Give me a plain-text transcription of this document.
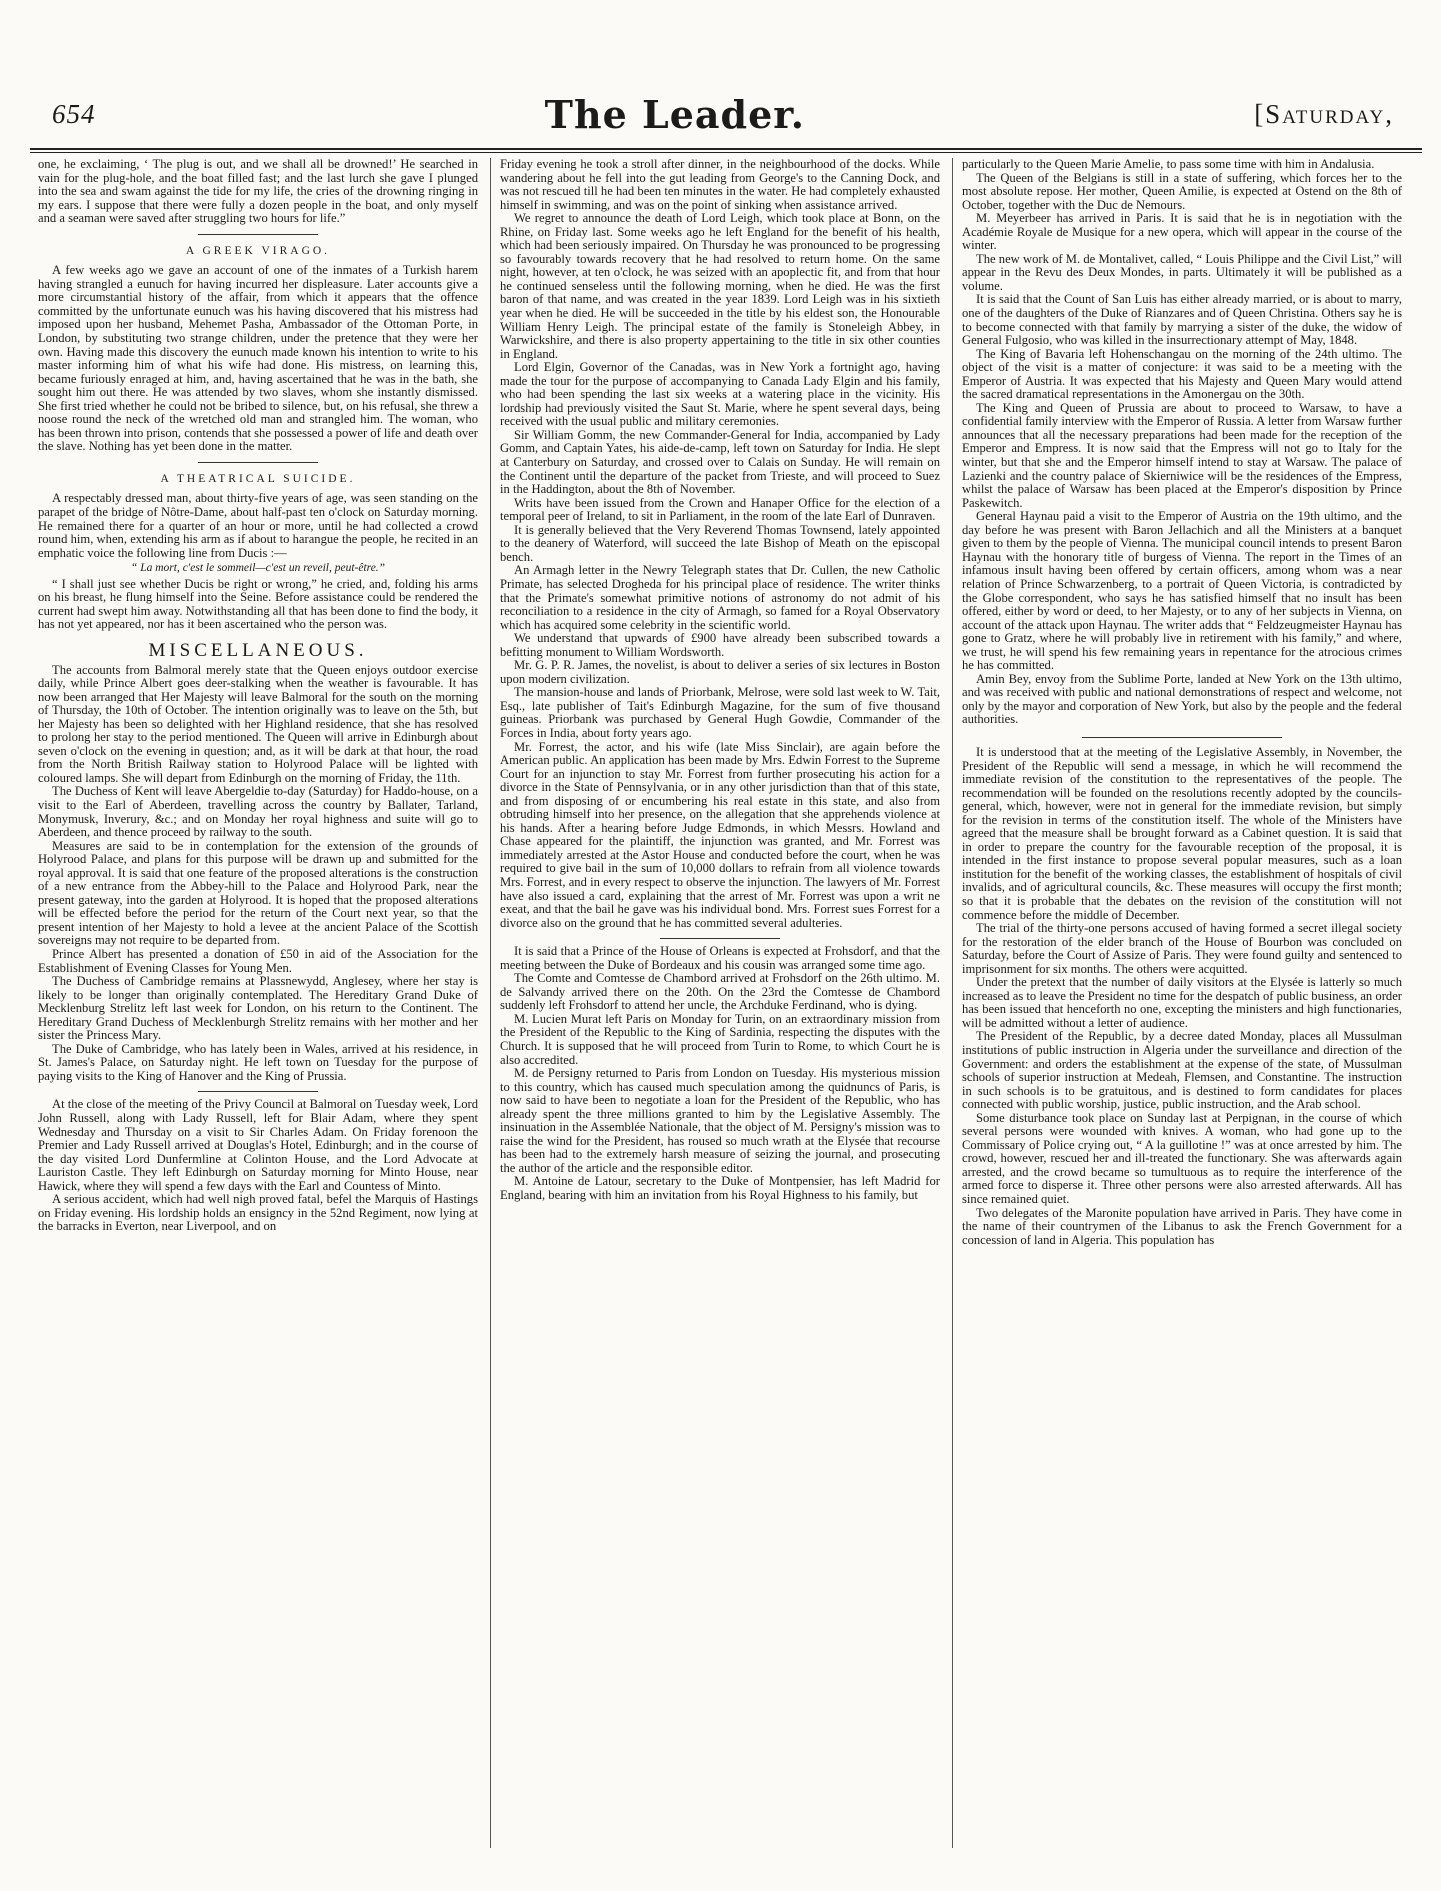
654	The Leader.	[Saturday,

one, he exclaiming, ‘ The plug is out, and we shall all be drowned!’ He searched in vain for the plug-hole, and the boat filled fast; and the last lurch she gave I plunged into the sea and swam against the tide for my life, the cries of the drowning ringing in my ears. I suppose that there were fully a dozen people in the boat, and only myself and a seaman were saved after struggling two hours for life.”

A GREEK VIRAGO.

A few weeks ago we gave an account of one of the inmates of a Turkish harem having strangled a eunuch for having incurred her displeasure. Later accounts give a more circumstantial history of the affair, from which it appears that the offence committed by the unfortunate eunuch was his having discovered that his mistress had imposed upon her husband, Mehemet Pasha, Ambassador of the Ottoman Porte, in London, by substituting two strange children, under the pretence that they were her own. Having made this discovery the eunuch made known his intention to write to his master informing him of what his wife had done. His mistress, on learning this, became furiously enraged at him, and, having ascertained that he was in the bath, she sought him out there. He was attended by two slaves, whom she instantly dismissed. She first tried whether he could not be bribed to silence, but, on his refusal, she threw a noose round the neck of the wretched old man and strangled him. The woman, who has been thrown into prison, contends that she possessed a power of life and death over the slave. Nothing has yet been done in the matter.

A THEATRICAL SUICIDE.

A respectably dressed man, about thirty-five years of age, was seen standing on the parapet of the bridge of Nôtre-Dame, about half-past ten o'clock on Saturday morning. He remained there for a quarter of an hour or more, until he had collected a crowd round him, when, extending his arm as if about to harangue the people, he recited in an emphatic voice the following line from Ducis :—

“ La mort, c'est le sommeil—c'est un reveil, peut-être.”

“ I shall just see whether Ducis be right or wrong,” he cried, and, folding his arms on his breast, he flung himself into the Seine. Before assistance could be rendered the current had swept him away. Notwithstanding all that has been done to find the body, it has not yet appeared, nor has it been ascertained who the person was.

MISCELLANEOUS.

The accounts from Balmoral merely state that the Queen enjoys outdoor exercise daily, while Prince Albert goes deer-stalking when the weather is favourable. It has now been arranged that Her Majesty will leave Balmoral for the south on the morning of Thursday, the 10th of October. The intention originally was to leave on the 5th, but her Majesty has been so delighted with her Highland residence, that she has resolved to prolong her stay to the period mentioned. The Queen will arrive in Edinburgh about seven o'clock on the evening in question; and, as it will be dark at that hour, the road from the North British Railway station to Holyrood Palace will be lighted with coloured lamps. She will depart from Edinburgh on the morning of Friday, the 11th.

The Duchess of Kent will leave Abergeldie to-day (Saturday) for Haddo-house, on a visit to the Earl of Aberdeen, travelling across the country by Ballater, Tarland, Monymusk, Inverury, &c.; and on Monday her royal highness and suite will go to Aberdeen, and thence proceed by railway to the south.

Measures are said to be in contemplation for the extension of the grounds of Holyrood Palace, and plans for this purpose will be drawn up and submitted for the royal approval. It is said that one feature of the proposed alterations is the construction of a new entrance from the Abbey-hill to the Palace and Holyrood Park, near the present gateway, into the garden at Holyrood. It is hoped that the proposed alterations will be effected before the period for the return of the Court next year, so that the present intention of her Majesty to hold a levee at the ancient Palace of the Scottish sovereigns may not require to be departed from.

Prince Albert has presented a donation of £50 in aid of the Association for the Establishment of Evening Classes for Young Men.

The Duchess of Cambridge remains at Plassnewydd, Anglesey, where her stay is likely to be longer than originally contemplated. The Hereditary Grand Duke of Mecklenburg Strelitz left last week for London, on his return to the Continent. The Hereditary Grand Duchess of Mecklenburgh Strelitz remains with her mother and her sister the Princess Mary.

The Duke of Cambridge, who has lately been in Wales, arrived at his residence, in St. James's Palace, on Saturday night. He left town on Tuesday for the purpose of paying visits to the King of Hanover and the King of Prussia.

At the close of the meeting of the Privy Council at Balmoral on Tuesday week, Lord John Russell, along with Lady Russell, left for Blair Adam, where they spent Wednesday and Thursday on a visit to Sir Charles Adam. On Friday forenoon the Premier and Lady Russell arrived at Douglas's Hotel, Edinburgh; and in the course of the day visited Lord Dunfermline at Colinton House, and the Lord Advocate at Lauriston Castle. They left Edinburgh on Saturday morning for Minto House, near Hawick, where they will spend a few days with the Earl and Countess of Minto.

A serious accident, which had well nigh proved fatal, befel the Marquis of Hastings on Friday evening. His lordship holds an ensigncy in the 52nd Regiment, now lying at the barracks in Everton, near Liverpool, and on

Friday evening he took a stroll after dinner, in the neighbourhood of the docks. While wandering about he fell into the gut leading from George's to the Canning Dock, and was not rescued till he had been ten minutes in the water. He had completely exhausted himself in swimming, and was on the point of sinking when assistance arrived.

We regret to announce the death of Lord Leigh, which took place at Bonn, on the Rhine, on Friday last. Some weeks ago he left England for the benefit of his health, which had been seriously impaired. On Thursday he was pronounced to be progressing so favourably towards recovery that he had resolved to return home. On the same night, however, at ten o'clock, he was seized with an apoplectic fit, and from that hour he continued senseless until the following morning, when he died. He was the first baron of that name, and was created in the year 1839. Lord Leigh was in his sixtieth year when he died. He will be succeeded in the title by his eldest son, the Honourable William Henry Leigh. The principal estate of the family is Stoneleigh Abbey, in Warwickshire, and there is also property appertaining to the title in six other counties in England.

Lord Elgin, Governor of the Canadas, was in New York a fortnight ago, having made the tour for the purpose of accompanying to Canada Lady Elgin and his family, who had been spending the last six weeks at a watering place in the vicinity. His lordship had previously visited the Saut St. Marie, where he spent several days, being received with the usual public and military ceremonies.

Sir William Gomm, the new Commander-General for India, accompanied by Lady Gomm, and Captain Yates, his aide-de-camp, left town on Saturday for India. He slept at Canterbury on Saturday, and crossed over to Calais on Sunday. He will remain on the Continent until the departure of the packet from Trieste, and will proceed to Suez in the Haddington, about the 8th of November.

Writs have been issued from the Crown and Hanaper Office for the election of a temporal peer of Ireland, to sit in Parliament, in the room of the late Earl of Dunraven.

It is generally believed that the Very Reverend Thomas Townsend, lately appointed to the deanery of Waterford, will succeed the late Bishop of Meath on the episcopal bench.

An Armagh letter in the Newry Telegraph states that Dr. Cullen, the new Catholic Primate, has selected Drogheda for his principal place of residence. The writer thinks that the Primate's somewhat primitive notions of astronomy do not admit of his reconciliation to a residence in the city of Armagh, so famed for a Royal Observatory which has acquired some celebrity in the scientific world.

We understand that upwards of £900 have already been subscribed towards a befitting monument to William Wordsworth.

Mr. G. P. R. James, the novelist, is about to deliver a series of six lectures in Boston upon modern civilization.

The mansion-house and lands of Priorbank, Melrose, were sold last week to W. Tait, Esq., late publisher of Tait's Edinburgh Magazine, for the sum of five thousand guineas. Priorbank was purchased by General Hugh Gowdie, Commander of the Forces in India, about forty years ago.

Mr. Forrest, the actor, and his wife (late Miss Sinclair), are again before the American public. An application has been made by Mrs. Edwin Forrest to the Supreme Court for an injunction to stay Mr. Forrest from further prosecuting his action for a divorce in the State of Pennsylvania, or in any other jurisdiction than that of this state, and from disposing of or encumbering his real estate in this state, and also from obtruding himself into her presence, on the allegation that she apprehends violence at his hands. After a hearing before Judge Edmonds, in which Messrs. Howland and Chase appeared for the plaintiff, the injunction was granted, and Mr. Forrest was immediately arrested at the Astor House and conducted before the court, when he was required to give bail in the sum of 10,000 dollars to refrain from all violence towards Mrs. Forrest, and in every respect to observe the injunction. The lawyers of Mr. Forrest have also issued a card, explaining that the arrest of Mr. Forrest was upon a writ ne exeat, and that the bail he gave was his individual bond. Mrs. Forrest sues Forrest for a divorce also on the ground that he has committed several adulteries.

It is said that a Prince of the House of Orleans is expected at Frohsdorf, and that the meeting between the Duke of Bordeaux and his cousin was arranged some time ago.

The Comte and Comtesse de Chambord arrived at Frohsdorf on the 26th ultimo. M. de Salvandy arrived there on the 20th. On the 23rd the Comtesse de Chambord suddenly left Frohsdorf to attend her uncle, the Archduke Ferdinand, who is dying.

M. Lucien Murat left Paris on Monday for Turin, on an extraordinary mission from the President of the Republic to the King of Sardinia, respecting the disputes with the Church. It is supposed that he will proceed from Turin to Rome, to which Court he is also accredited.

M. de Persigny returned to Paris from London on Tuesday. His mysterious mission to this country, which has caused much speculation among the quidnuncs of Paris, is now said to have been to negotiate a loan for the President of the Republic, who has already spent the three millions granted to him by the Legislative Assembly. The insinuation in the Assemblée Nationale, that the object of M. Persigny's mission was to raise the wind for the President, has roused so much wrath at the Elysée that recourse has been had to the extremely harsh measure of seizing the journal, and prosecuting the author of the article and the responsible editor.

M. Antoine de Latour, secretary to the Duke of Montpensier, has left Madrid for England, bearing with him an invitation from his Royal Highness to his family, but

particularly to the Queen Marie Amelie, to pass some time with him in Andalusia.

The Queen of the Belgians is still in a state of suffering, which forces her to the most absolute repose. Her mother, Queen Amilie, is expected at Ostend on the 8th of October, together with the Duc de Nemours.

M. Meyerbeer has arrived in Paris. It is said that he is in negotiation with the Académie Royale de Musique for a new opera, which will appear in the course of the winter.

The new work of M. de Montalivet, called, “ Louis Philippe and the Civil List,” will appear in the Revu des Deux Mondes, in parts. Ultimately it will be published as a volume.

It is said that the Count of San Luis has either already married, or is about to marry, one of the daughters of the Duke of Rianzares and of Queen Christina. Others say he is to become connected with that family by marrying a sister of the duke, the widow of General Fulgosio, who was killed in the insurrectionary attempt of May, 1848.

The King of Bavaria left Hohenschangau on the morning of the 24th ultimo. The object of the visit is a matter of conjecture: it was said to be a meeting with the Emperor of Austria. It was expected that his Majesty and Queen Mary would attend the sacred dramatical representations in the Amonergau on the 30th.

The King and Queen of Prussia are about to proceed to Warsaw, to have a confidential family interview with the Emperor of Russia. A letter from Warsaw further announces that all the necessary preparations had been made for the reception of the Emperor and Empress. It is now said that the Empress will not go to Italy for the winter, but that she and the Emperor himself intend to stay at Warsaw. The palace of Lazienki and the country palace of Skierniwice will be the residences of the Empress, whilst the palace of Warsaw has been placed at the Emperor's disposition by Prince Paskewitch.

General Haynau paid a visit to the Emperor of Austria on the 19th ultimo, and the day before he was present with Baron Jellachich and all the Ministers at a banquet given to them by the people of Vienna. The municipal council intends to present Baron Haynau with the honorary title of burgess of Vienna. The report in the Times of an infamous insult having been offered by certain officers, among whom was a near relation of Prince Schwarzenberg, to a portrait of Queen Victoria, is contradicted by the Globe correspondent, who says he has satisfied himself that no insult has been offered, either by word or deed, to her Majesty, or to any of her subjects in Vienna, on account of the attack upon Haynau. The writer adds that “ Feldzeugmeister Haynau has gone to Gratz, where he will probably live in retirement with his family,” and where, we trust, he will spend his few remaining years in repentance for the atrocious crimes he has committed.

Amin Bey, envoy from the Sublime Porte, landed at New York on the 13th ultimo, and was received with public and national demonstrations of respect and welcome, not only by the mayor and corporation of New York, but also by the people and the federal authorities.

It is understood that at the meeting of the Legislative Assembly, in November, the President of the Republic will send a message, in which he will recommend the immediate revision of the constitution to the representatives of the people. The recommendation will be founded on the resolutions recently adopted by the councils-general, which, however, were not in general for the immediate revision, but simply for the revision in terms of the constitution itself. The whole of the Ministers have agreed that the measure shall be brought forward as a Cabinet question. It is said that in order to prepare the country for the favourable reception of the proposal, it is intended in the first instance to propose several popular measures, such as a loan institution for the benefit of the working classes, the establishment of hospitals of civil invalids, and of agricultural councils, &c. These measures will occupy the first month; so that it is probable that the debates on the revision of the constitution will not commence before the middle of December.

The trial of the thirty-one persons accused of having formed a secret illegal society for the restoration of the elder branch of the House of Bourbon was concluded on Saturday, before the Court of Assize of Paris. They were found guilty and sentenced to imprisonment for six months. The others were acquitted.

Under the pretext that the number of daily visitors at the Elysée is latterly so much increased as to leave the President no time for the despatch of public business, an order has been issued that henceforth no one, excepting the ministers and high functionaries, will be admitted without a letter of audience.

The President of the Republic, by a decree dated Monday, places all Mussulman institutions of public instruction in Algeria under the surveillance and direction of the Government: and orders the establishment at the expense of the state, of Mussulman schools of superior instruction at Medeah, Flemsen, and Constantine. The instruction in such schools is to be gratuitous, and is destined to form candidates for places connected with public worship, justice, public instruction, and the Arab school.

Some disturbance took place on Sunday last at Perpignan, in the course of which several persons were wounded with knives. A woman, who had gone up to the Commissary of Police crying out, “ A la guillotine !” was at once arrested by him. The crowd, however, rescued her and ill-treated the functionary. She was afterwards again arrested, and the crowd became so tumultuous as to require the interference of the armed force to disperse it. Three other persons were also arrested afterwards. All has since remained quiet.

Two delegates of the Maronite population have arrived in Paris. They have come in the name of their countrymen of the Libanus to ask the French Government for a concession of land in Algeria. This population has
